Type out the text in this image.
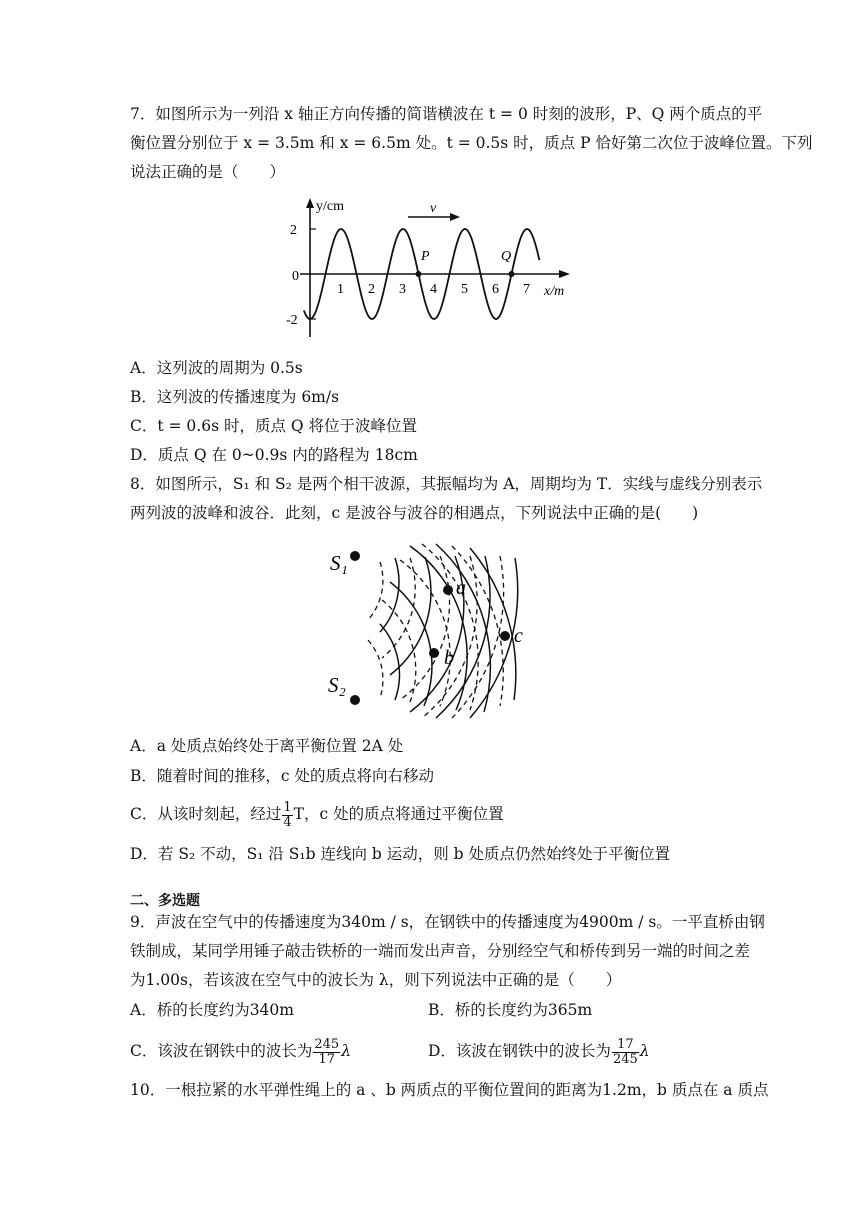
7．如图所示为一列沿 x 轴正方向传播的简谐横波在 t = 0 时刻的波形，P、Q 两个质点的平
衡位置分别位于 x = 3.5m 和 x = 6.5m 处。t = 0.5s 时，质点 P 恰好第二次位于波峰位置。下列
说法正确的是（　　）
y/cm
x/m
2
0
-2
1 2 3 4 5 6 7
v
P	Q
A．这列波的周期为 0.5s
B．这列波的传播速度为 6m/s
C．t = 0.6s 时，质点 Q 将位于波峰位置
D．质点 Q 在 0~0.9s 内的路程为 18cm
8．如图所示，S₁ 和 S₂ 是两个相干波源，其振幅均为 A，周期均为 T．实线与虚线分别表示
两列波的波峰和波谷．此刻，c 是波谷与波谷的相遇点，下列说法中正确的是(　　)
S₁
S₂
a
b
c
A．a 处质点始终处于离平衡位置 2A 处
B．随着时间的推移，c 处的质点将向右移动
C．从该时刻起，经过 $\frac{1}{4}$ T，c 处的质点将通过平衡位置
D．若 S₂ 不动，S₁ 沿 S₁b 连线向 b 运动，则 b 处质点仍然始终处于平衡位置
二、多选题
9．声波在空气中的传播速度为340m / s，在钢铁中的传播速度为4900m / s。一平直桥由钢
铁制成，某同学用锤子敲击铁桥的一端而发出声音，分别经空气和桥传到另一端的时间之差
为1.00s，若该波在空气中的波长为 λ，则下列说法中正确的是（　　）
A．桥的长度约为340m	B．桥的长度约为365m
C．该波在钢铁中的波长为 $\frac{245}{17}$ λ	D．该波在钢铁中的波长为 $\frac{17}{245}$ λ
10．一根拉紧的水平弹性绳上的 a 、b 两质点的平衡位置间的距离为1.2m，b 质点在 a 质点
